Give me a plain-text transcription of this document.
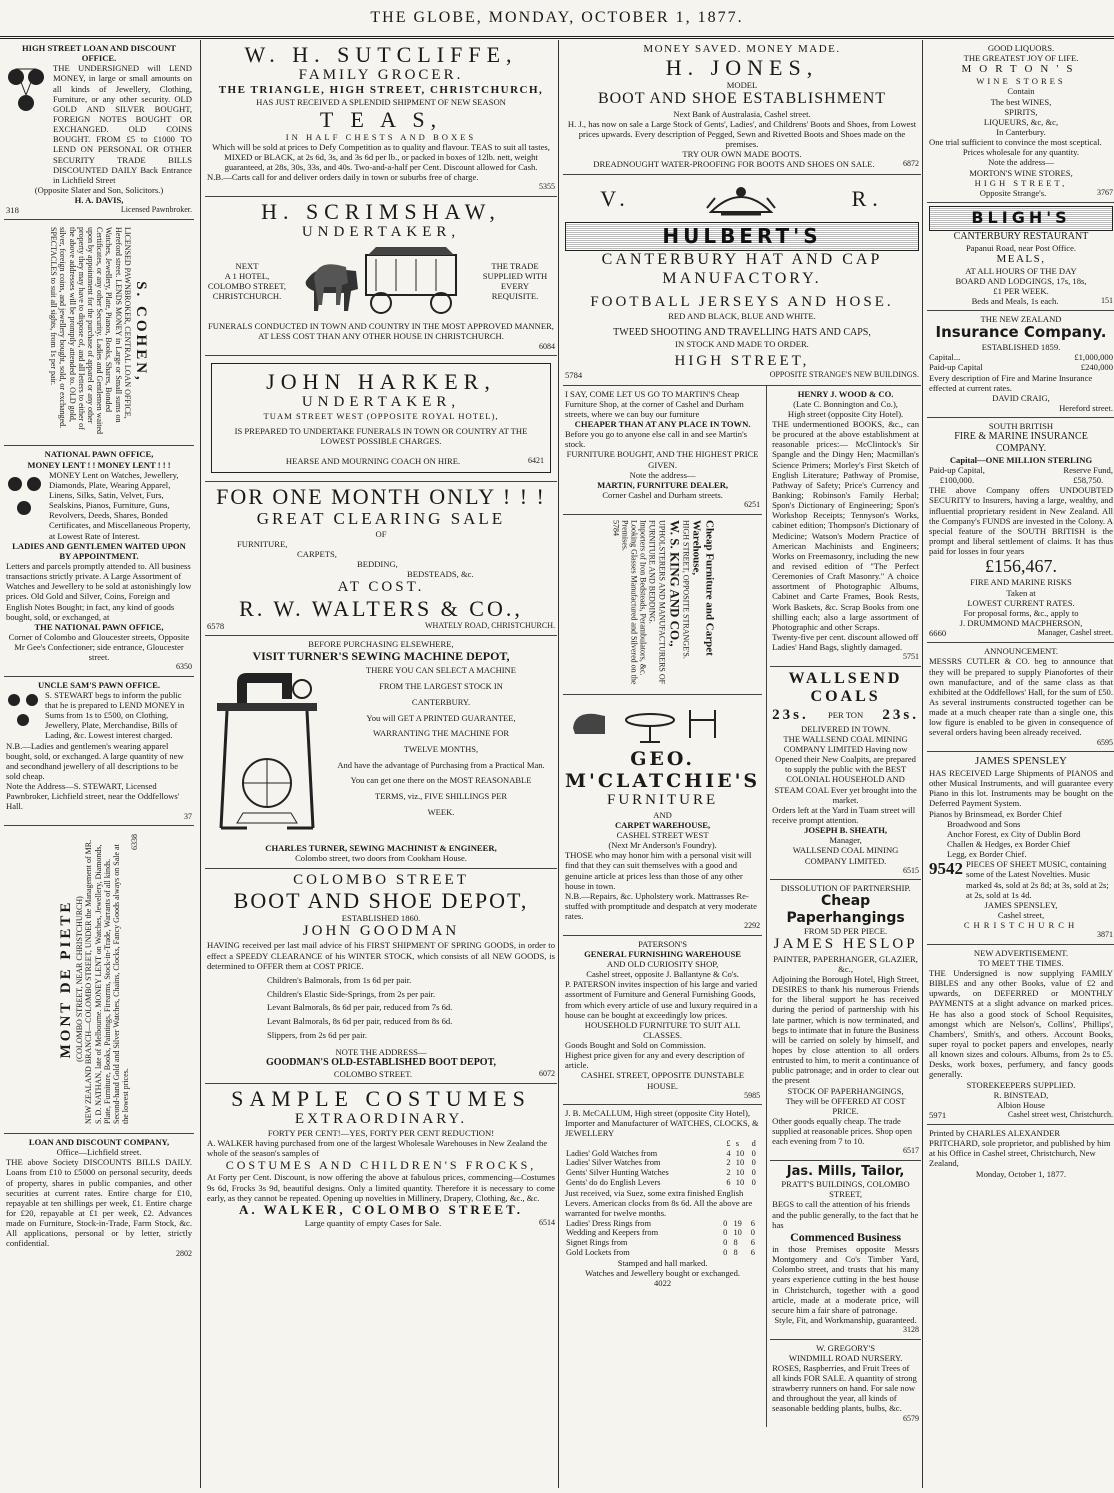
THE GLOBE, MONDAY, OCTOBER 1, 1877.
HIGH STREET LOAN AND DISCOUNT OFFICE.
THE UNDERSIGNED will LEND MONEY, in large or small amounts on all kinds of Jewellery, Clothing, Furniture, or any other security. OLD GOLD AND SILVER BOUGHT, FOREIGN NOTES BOUGHT OR EXCHANGED. OLD COINS BOUGHT. FROM £5 to £1000 TO LEND ON PERSONAL OR OTHER SECURITY TRADE BILLS DISCOUNTED DAILY Back Entrance in Lichfield Street
(Opposite Slater and Son, Solicitors.)
H. A. DAVIS,
318	Licensed Pawnbroker.
S. COHEN,
LICENSED PAWNBROKER, CENTRAL LOAN OFFICE, Hereford street. LENDS MONEY in Large or Small sums on Watches, Jewellery, Plate, Pianos, Books, Shares, Bonded Certificates, or any other Security. Ladies and Gentlemen waited upon by appointment for the purchase of apparel or any other property they may have to dispose of, and all letters to either of the above addresses will be promptly attended to. OLD gold, silver, foreign coins, and jewellery bought, sold, or exchanged. SPECTACLES to suit all sights, from 1s per pair.
NATIONAL PAWN OFFICE,
MONEY LENT ! ! MONEY LENT ! ! !
MONEY Lent on Watches, Jewellery, Diamonds, Plate, Wearing Apparel, Linens, Silks, Satin, Velvet, Furs, Sealskins, Pianos, Furniture, Guns, Revolvers, Deeds, Shares, Bonded Certificates, and Miscellaneous Property, at Lowest Rate of Interest.
LADIES AND GENTLEMEN WAITED UPON BY APPOINTMENT.
Letters and parcels promptly attended to. All business transactions strictly private. A Large Assortment of Watches and Jewellery to be sold at astonishingly low prices. Old Gold and Silver, Coins, Foreign and English Notes Bought; in fact, any kind of goods bought, sold, or exchanged, at
THE NATIONAL PAWN OFFICE,
Corner of Colombo and Gloucester streets, Opposite Mr Gee's Confectioner; side entrance, Gloucester street.
6350
UNCLE SAM'S PAWN OFFICE.
S. STEWART begs to inform the public that he is prepared to LEND MONEY in Sums from 1s to £500, on Clothing, Jewellery, Plate, Merchandise, Bills of Lading, &c. Lowest interest charged.
N.B.—Ladies and gentlemen's wearing apparel bought, sold, or exchanged. A large quantity of new and secondhand jewellery of all descriptions to be sold cheap.
Note the Address—S. STEWART, Licensed Pawnbroker, Lichfield street, near the Oddfellows' Hall.
37
MONT DE PIETE (COLOMBO STREET, NEAR CHRISTCHURCH) NEW ZEALAND BRANCH—COLOMBO STREET, UNDER the Management of MR. S. D. NATHAN, late of Melbourne. MONEY LENT on Watches, Jewellery, Diamonds, Plate, Furniture, Books, Paintings, Firearms, Stock-in-Trade, Warrants of all kinds. Second-hand Gold and Silver Watches, Chains, Clocks, Fancy Goods always on Sale at the lowest prices.
6338
LOAN AND DISCOUNT COMPANY,
Office—Lichfield street.
THE above Society DISCOUNTS BILLS DAILY. Loans from £10 to £5000 on personal security, deeds of property, shares in public companies, and other securities at current rates. Entire charge for £10, repayable at ten shillings per week, £1. Entire charge for £20, repayable at £1 per week, £2. Advances made on Furniture, Stock-in-Trade, Farm Stock, &c. All applications, personal or by letter, strictly confidential.
2802
W. H. SUTCLIFFE,
FAMILY GROCER.
THE TRIANGLE, HIGH STREET, CHRISTCHURCH,
HAS JUST RECEIVED A SPLENDID SHIPMENT OF NEW SEASON
T E A S,
IN HALF CHESTS AND BOXES
Which will be sold at prices to Defy Competition as to quality and flavour. TEAS to suit all tastes, MIXED or BLACK, at 2s 6d, 3s, and 3s 6d per lb., or packed in boxes of 12lb. nett, weight guaranteed, at 28s, 30s, 33s, and 40s. Two-and-a-half per Cent. Discount allowed for Cash.
N.B.—Carts call for and deliver orders daily in town or suburbs free of charge.
5355
H. SCRIMSHAW,
UNDERTAKER,
NEXT
A 1 HOTEL,
COLOMBO STREET,
CHRISTCHURCH.
THE TRADE
SUPPLIED WITH
EVERY
REQUISITE.
FUNERALS CONDUCTED IN TOWN AND COUNTRY IN THE MOST APPROVED MANNER, AT LESS COST THAN ANY OTHER HOUSE IN CHRISTCHURCH.
6084
JOHN HARKER,
UNDERTAKER,
TUAM STREET WEST (OPPOSITE ROYAL HOTEL),
IS PREPARED TO UNDERTAKE FUNERALS IN TOWN OR COUNTRY AT THE LOWEST POSSIBLE CHARGES.
HEARSE AND MOURNING COACH ON HIRE.	6421
FOR ONE MONTH ONLY ! ! !
GREAT CLEARING SALE
OF
FURNITURE,
CARPETS,
BEDDING,
BEDSTEADS, &c.
AT COST.
R. W. WALTERS & CO.,
6578	WHATELY ROAD, CHRISTCHURCH.
BEFORE PURCHASING ELSEWHERE,
VISIT TURNER'S SEWING MACHINE DEPOT,
THERE YOU CAN SELECT A MACHINE
FROM THE LARGEST STOCK IN
CANTERBURY.
You will GET A PRINTED GUARANTEE,
WARRANTING THE MACHINE FOR
TWELVE MONTHS,
And have the advantage of Purchasing from a Practical Man.
You can get one there on the MOST REASONABLE
TERMS, viz., FIVE SHILLINGS PER
WEEK.
CHARLES TURNER, SEWING MACHINIST & ENGINEER,
Colombo street, two doors from Cookham House.
COLOMBO STREET
BOOT AND SHOE DEPOT,
ESTABLISHED 1860.
JOHN GOODMAN
HAVING received per last mail advice of his FIRST SHIPMENT OF SPRING GOODS, in order to effect a SPEEDY CLEARANCE of his WINTER STOCK, which consists of all NEW GOODS, is determined to OFFER them at COST PRICE.
Children's Balmorals, from 1s 6d per pair.
Children's Elastic Side-Springs, from 2s per pair.
Levant Balmorals, 8s 6d per pair, reduced from 7s 6d.
Levant Balmorals, 8s 6d per pair, reduced from 8s 6d.
Slippers, from 2s 6d per pair.
NOTE THE ADDRESS—
GOODMAN'S OLD-ESTABLISHED BOOT DEPOT,
COLOMBO STREET.	6072
SAMPLE COSTUMES
EXTRAORDINARY.
FORTY PER CENT!—YES, FORTY PER CENT REDUCTION!
A. WALKER having purchased from one of the largest Wholesale Warehouses in New Zealand the whole of the season's samples of
COSTUMES AND CHILDREN'S FROCKS,
At Forty per Cent. Discount, is now offering the above at fabulous prices, commencing—Costumes 9s 6d, Frocks 3s 9d, beautiful designs. Only a limited quantity. Therefore it is necessary to come early, as they cannot be repeated. Opening up novelties in Millinery, Drapery, Clothing, &c., &c.
A. WALKER, COLOMBO STREET.
Large quantity of empty Cases for Sale.	6514
MONEY SAVED. MONEY MADE.
H. JONES,
MODEL
BOOT AND SHOE ESTABLISHMENT
Next Bank of Australasia, Cashel street.
H. J., has now on sale a Large Stock of Gents', Ladies', and Childrens' Boots and Shoes, from Lowest prices upwards. Every description of Pegged, Sewn and Rivetted Boots and Shoes made on the premises.
TRY OUR OWN MADE BOOTS.
DREADNOUGHT WATER-PROOFING FOR BOOTS AND SHOES ON SALE.	6872
V.	R.
HULBERT'S
CANTERBURY HAT AND CAP MANUFACTORY.
FOOTBALL JERSEYS AND HOSE.
RED AND BLACK, BLUE AND WHITE.
TWEED SHOOTING AND TRAVELLING HATS AND CAPS,
IN STOCK AND MADE TO ORDER.
HIGH STREET,
5784	OPPOSITE STRANGE'S NEW BUILDINGS.
I SAY, COME LET US GO TO MARTIN'S Cheap Furniture Shop, at the corner of Cashel and Durham streets, where we can buy our furniture
CHEAPER THAN AT ANY PLACE IN TOWN.
Before you go to anyone else call in and see Martin's stock.
FURNITURE BOUGHT, AND THE HIGHEST PRICE GIVEN.
Note the address—
MARTIN, FURNITURE DEALER,
Corner Cashel and Durham streets.
6251
Cheap Furniture and Carpet Warehouse,
HIGH STREET, OPPOSITE STRANGE'S.
W. S. KING AND CO.,
UPHOLSTERERS AND MANUFACTURERS OF FURNITURE AND BEDDING.
Importers of Iron Bedsteads, Perambulators, &c.
Looking Glasses Manufactured and Silvered on the Premises.
5784
GEO. M'CLATCHIE'S
FURNITURE
AND
CARPET WAREHOUSE,
CASHEL STREET WEST
(Next Mr Anderson's Foundry).
THOSE who may honor him with a personal visit will find that they can suit themselves with a good and genuine article at prices less than those of any other house in town.
N.B.—Repairs, &c. Upholstery work. Mattrasses Re-stuffed with promptitude and despatch at very moderate rates.
2292
PATERSON'S
GENERAL FURNISHING WAREHOUSE
AND OLD CURIOSITY SHOP,
Cashel street, opposite J. Ballantyne & Co's.
P. PATERSON invites inspection of his large and varied assortment of Furniture and General Furnishing Goods, from which every article of use and luxury required in a house can be bought at exceedingly low prices.
HOUSEHOLD FURNITURE TO SUIT ALL CLASSES.
Goods Bought and Sold on Commission.
Highest price given for any and every description of article.
CASHEL STREET, OPPOSITE DUNSTABLE HOUSE.
5985
J. B. McCALLUM, High street (opposite City Hotel), Importer and Manufacturer of WATCHES, CLOCKS, & JEWELLERY
	£	s	d
Ladies' Gold Watches from	4	10	0
Ladies' Silver Watches from	2	10	0
Gents' Silver Hunting Watches	2	10	0
Gents' do do English Levers	6	10	0
Just received, via Suez, some extra finished English Levers. American clocks from 8s 6d. All the above are warranted for twelve months.
Ladies' Dress Rings from	0	19	6
Wedding and Keepers from	0	10	0
Signet Rings from	0	8	6
Gold Lockets from	0	8	6
Stamped and hall marked.
Watches and Jewellery bought or exchanged.
4022
HENRY J. WOOD & CO.
(Late C. Bonnington and Co.),
High street (opposite City Hotel).
THE undermentioned BOOKS, &c., can be procured at the above establishment at reasonable prices:— McClintock's Sir Spangle and the Dingy Hen; Macmillan's Science Primers; Morley's First Sketch of English Literature; Pathway of Promise, Pathway of Safety; Price's Currency and Banking; Robinson's Family Herbal; Spon's Dictionary of Engineering; Spon's Workshop Receipts; Tennyson's Works, cabinet edition; Thompson's Dictionary of Medicine; Watson's Modern Practice of American Machinists and Engineers; Works on Freemasonry, including the new and revised edition of "The Perfect Ceremonies of Craft Masonry." A choice assortment of Photographic Albums, Cabinet and Carte Frames, Book Rests, Work Baskets, &c. Scrap Books from one shilling each; also a large assortment of Photographic and other Scraps.
Twenty-five per cent. discount allowed off Ladies' Hand Bags, slightly damaged.
5751
WALLSEND COALS
23s. PER TON 23s.
DELIVERED IN TOWN.
THE WALLSEND COAL MINING COMPANY LIMITED Having now Opened their New Coalpits, are prepared to supply the public with the BEST COLONIAL HOUSEHOLD AND STEAM COAL Ever yet brought into the market.
Orders left at the Yard in Tuam street will receive prompt attention.
JOSEPH B. SHEATH,
Manager,
WALLSEND COAL MINING COMPANY LIMITED.
6515
DISSOLUTION OF PARTNERSHIP.
Cheap Paperhangings
FROM 5D PER PIECE.
JAMES HESLOP
PAINTER, PAPERHANGER, GLAZIER, &c.,
Adjoining the Borough Hotel, High Street, DESIRES to thank his numerous Friends for the liberal support he has received during the period of partnership with his late partner, which is now terminated, and begs to intimate that in future the Business will be carried on solely by himself, and hopes by close attention to all orders entrusted to him, to merit a continuance of public patronage; and in order to clear out the present
STOCK OF PAPERHANGINGS,
They will be OFFERED AT COST PRICE.
Other goods equally cheap. The trade supplied at reasonable prices. Shop open each evening from 7 to 10.
6517
Jas. Mills, Tailor,
PRATT'S BUILDINGS, COLOMBO STREET,
BEGS to call the attention of his friends and the public generally, to the fact that he has
Commenced Business
in those Premises opposite Messrs Montgomery and Co's Timber Yard, Colombo street, and trusts that his many years experience cutting in the best house in Christchurch, together with a good article, made at a moderate price, will secure him a fair share of patronage.
Style, Fit, and Workmanship, guaranteed.
3128
W. GREGORY'S
WINDMILL ROAD NURSERY.
ROSES, Raspberries, and Fruit Trees of all kinds FOR SALE. A quantity of strong strawberry runners on hand. For sale now and throughout the year, all kinds of seasonable bedding plants, bulbs, &c.
6579
GOOD LIQUORS.
THE GREATEST JOY OF LIFE.
MORTON'S
WINE STORES
Contain
The best WINES,
SPIRITS,
LIQUEURS, &c, &c,
In Canterbury.
One trial sufficient to convince the most sceptical.
Prices wholesale for any quantity.
Note the address—
MORTON'S WINE STORES,
HIGH STREET,
Opposite Strange's.	3767
BLIGH'S
CANTERBURY RESTAURANT
Papanui Road, near Post Office.
MEALS,
AT ALL HOURS OF THE DAY
BOARD AND LODGINGS, 17s, 18s,
£1 PER WEEK.
Beds and Meals, 1s each.	151
THE NEW ZEALAND
Insurance Company.
ESTABLISHED 1859.
Capital...	£1,000,000
Paid-up Capital	£240,000
Every description of Fire and Marine Insurance effected at current rates.
DAVID CRAIG,
Hereford street.
SOUTH BRITISH
FIRE & MARINE INSURANCE COMPANY.
Capital—ONE MILLION STERLING
Paid-up Capital,
£100,000.
Reserve Fund,
£58,750.
THE above Company offers UNDOUBTED SECURITY to Insurers, having a large, wealthy, and influential proprietary resident in New Zealand. All the Company's FUNDS are invested in the Colony. A special feature of the SOUTH BRITISH is the prompt and liberal settlement of claims. It has thus paid for losses in four years
£156,467.
FIRE AND MARINE RISKS
Taken at
LOWEST CURRENT RATES.
For proposal forms, &c., apply to
J. DRUMMOND MACPHERSON,
6660	Manager, Cashel street.
ANNOUNCEMENT.
MESSRS CUTLER & CO. beg to announce that they will be prepared to supply Pianofortes of their own manufacture, and of the same class as that exhibited at the Oddfellows' Hall, for the sum of £50. As several instruments constructed together can be made at a much cheaper rate than a single one, this low figure is enabled to be given in consequence of several orders having been already received.
6595
JAMES SPENSLEY
HAS RECEIVED Large Shipments of PIANOS and other Musical Instruments, and will guarantee every Piano in this lot. Instruments may be bought on the Deferred Payment System.
Pianos by Brinsmead, ex Border Chief
Broadwood and Sons
Anchor Forest, ex City of Dublin Bord
Challen & Hedges, ex Border Chief
Legg, ex Border Chief.
9542 PIECES OF SHEET MUSIC, containing some of the Latest Novelties. Music marked 4s, sold at 2s 8d; at 3s, sold at 2s; at 2s, sold at 1s 4d.
JAMES SPENSLEY,
Cashel street,
CHRISTCHURCH
3871
NEW ADVERTISEMENT.
TO MEET THE TIMES.
THE Undersigned is now supplying FAMILY BIBLES and any other Books, value of £2 and upwards, on DEFERRED or MONTHLY PAYMENTS at a slight advance on marked prices. He has also a good stock of School Requisites, amongst which are Nelson's, Collins', Phillips', Chambers', Smith's, and others. Account Books, super royal to pocket papers and envelopes, nearly all known sizes and colours. Albums, from 2s to £5. Desks, work boxes, perfumery, and fancy goods generally.
STOREKEEPERS SUPPLIED.
R. BINSTEAD,
Albion House
5971	Cashel street west, Christchurch.
Printed by CHARLES ALEXANDER PRITCHARD, sole proprietor, and published by him at his Office in Cashel street, Christchurch, New Zealand,
Monday, October 1, 1877.
